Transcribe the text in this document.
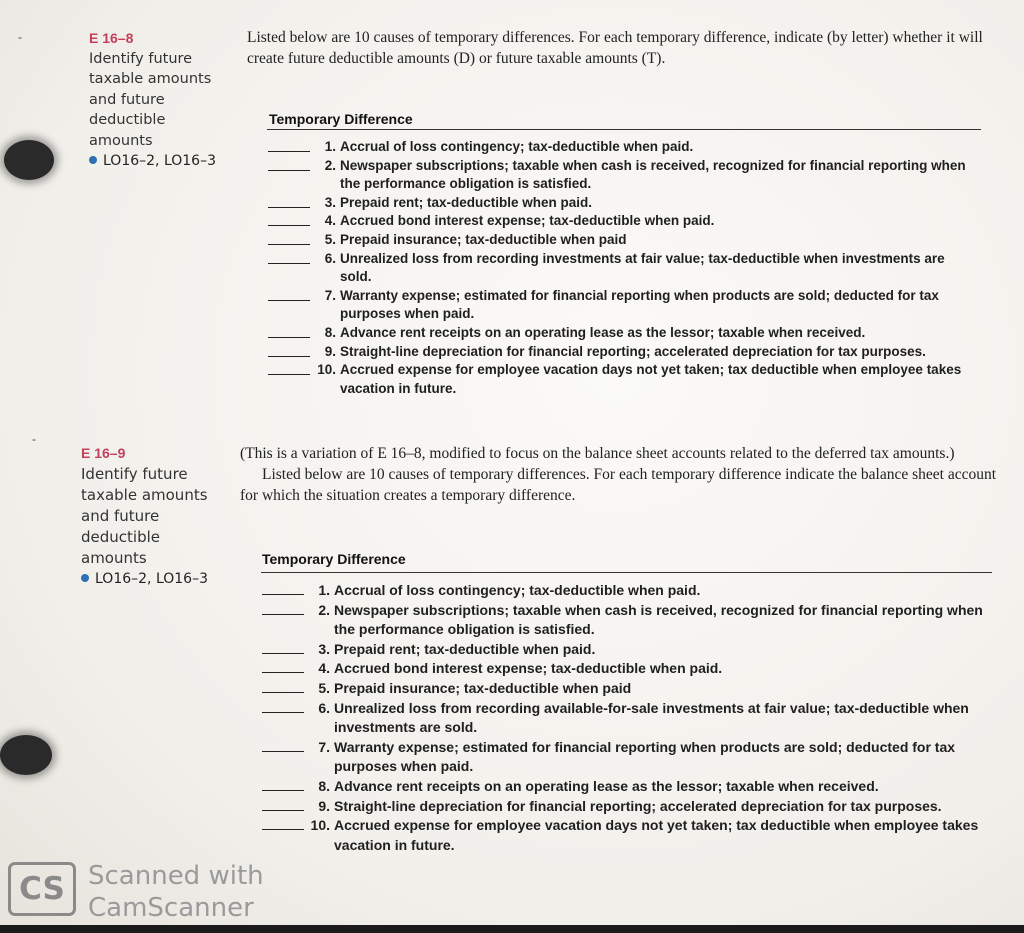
-
-
E 16–8
Identify future
taxable amounts
and future
deductible
amounts
LO16–2, LO16–3

Listed below are 10 causes of temporary differences. For each temporary difference, indicate (by letter) whether it will create future deductible amounts (D) or future taxable amounts (T).

Temporary Difference
1. Accrual of loss contingency; tax-deductible when paid.
2. Newspaper subscriptions; taxable when cash is received, recognized for financial reporting when the performance obligation is satisfied.
3. Prepaid rent; tax-deductible when paid.
4. Accrued bond interest expense; tax-deductible when paid.
5. Prepaid insurance; tax-deductible when paid
6. Unrealized loss from recording investments at fair value; tax-deductible when investments are sold.
7. Warranty expense; estimated for financial reporting when products are sold; deducted for tax purposes when paid.
8. Advance rent receipts on an operating lease as the lessor; taxable when received.
9. Straight-line depreciation for financial reporting; accelerated depreciation for tax purposes.
10. Accrued expense for employee vacation days not yet taken; tax deductible when employee takes vacation in future.
E 16–9
Identify future
taxable amounts
and future
deductible
amounts
LO16–2, LO16–3

(This is a variation of E 16–8, modified to focus on the balance sheet accounts related to the deferred tax amounts.)

Listed below are 10 causes of temporary differences. For each temporary difference indicate the balance sheet account for which the situation creates a temporary difference.

Temporary Difference
1. Accrual of loss contingency; tax-deductible when paid.
2. Newspaper subscriptions; taxable when cash is received, recognized for financial reporting when the performance obligation is satisfied.
3. Prepaid rent; tax-deductible when paid.
4. Accrued bond interest expense; tax-deductible when paid.
5. Prepaid insurance; tax-deductible when paid
6. Unrealized loss from recording available-for-sale investments at fair value; tax-deductible when investments are sold.
7. Warranty expense; estimated for financial reporting when products are sold; deducted for tax purposes when paid.
8. Advance rent receipts on an operating lease as the lessor; taxable when received.
9. Straight-line depreciation for financial reporting; accelerated depreciation for tax purposes.
10. Accrued expense for employee vacation days not yet taken; tax deductible when employee takes vacation in future.
CS Scanned with
CamScanner
